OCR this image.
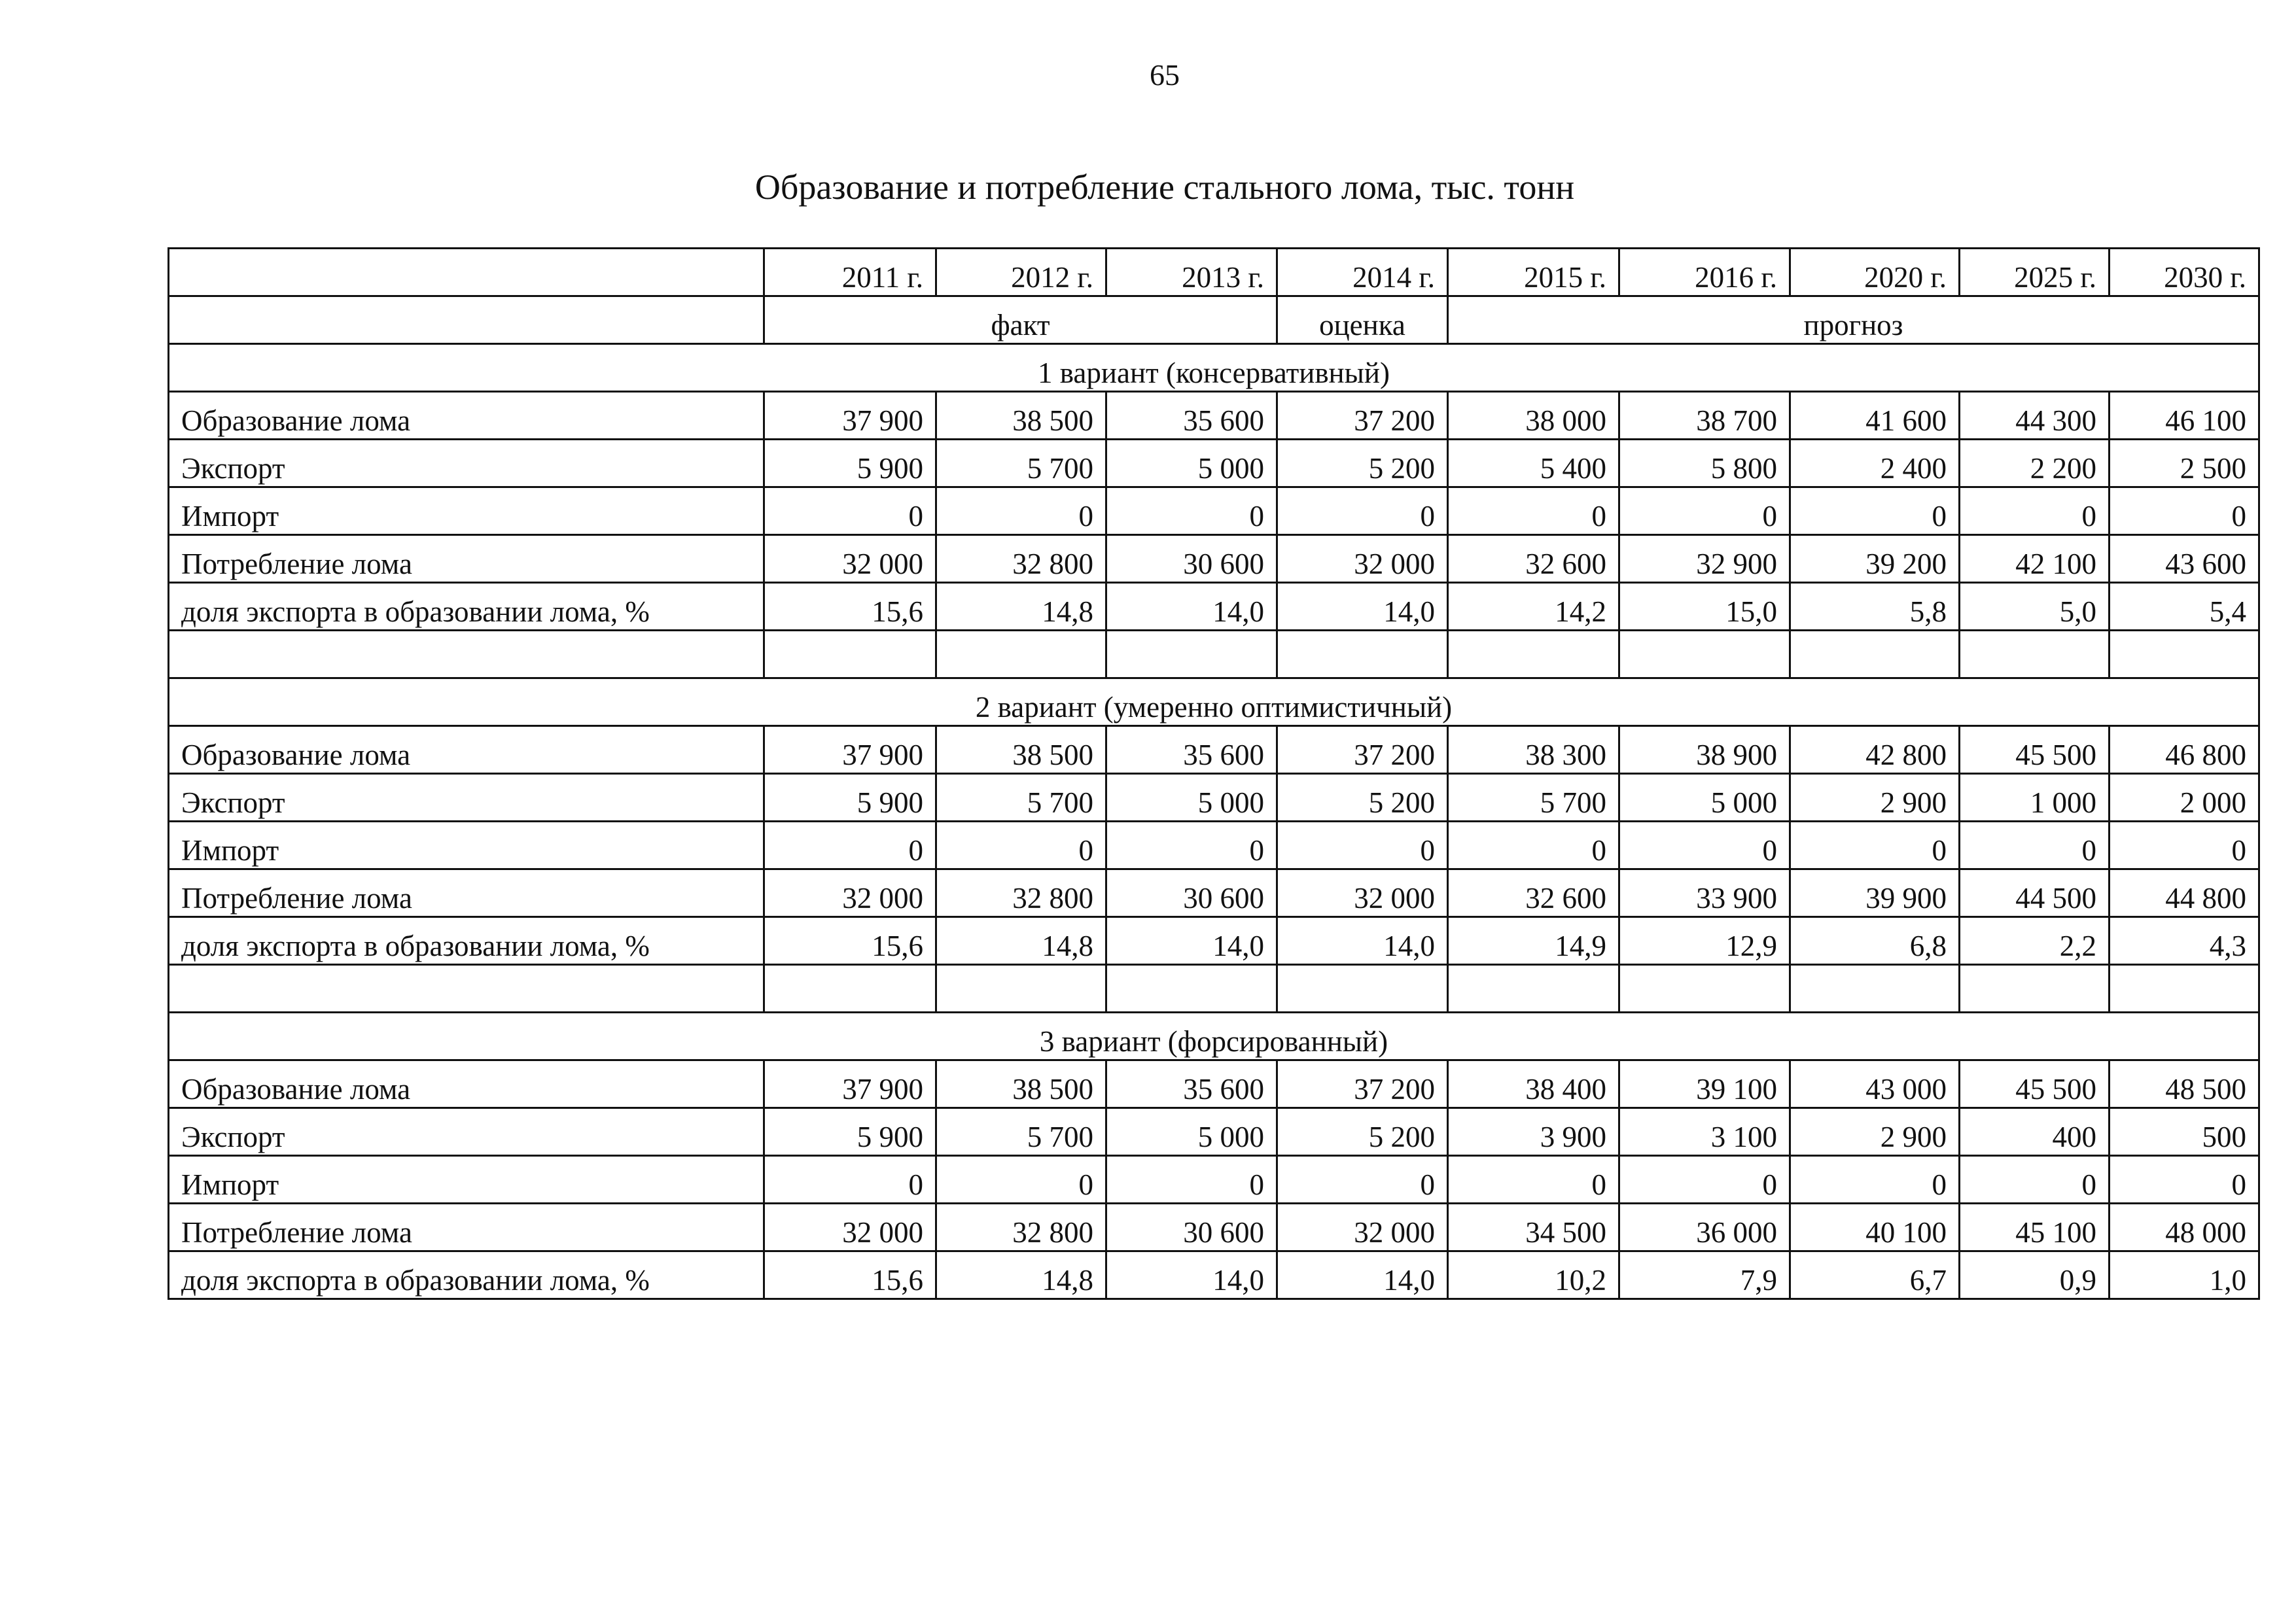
65
Образование и потребление стального лома, тыс. тонн
	2011 г.	2012 г.	2013 г.	2014 г.	2015 г.	2016 г.	2020 г.	2025 г.	2030 г.
	факт			оценка	прогноз				
1 вариант (консервативный)									
Образование лома	37 900	38 500	35 600	37 200	38 000	38 700	41 600	44 300	46 100
Экспорт	5 900	5 700	5 000	5 200	5 400	5 800	2 400	2 200	2 500
Импорт	0	0	0	0	0	0	0	0	0
Потребление лома	32 000	32 800	30 600	32 000	32 600	32 900	39 200	42 100	43 600
доля экспорта в образовании лома, %	15,6	14,8	14,0	14,0	14,2	15,0	5,8	5,0	5,4

2 вариант (умеренно оптимистичный)									
Образование лома	37 900	38 500	35 600	37 200	38 300	38 900	42 800	45 500	46 800
Экспорт	5 900	5 700	5 000	5 200	5 700	5 000	2 900	1 000	2 000
Импорт	0	0	0	0	0	0	0	0	0
Потребление лома	32 000	32 800	30 600	32 000	32 600	33 900	39 900	44 500	44 800
доля экспорта в образовании лома, %	15,6	14,8	14,0	14,0	14,9	12,9	6,8	2,2	4,3

3 вариант (форсированный)									
Образование лома	37 900	38 500	35 600	37 200	38 400	39 100	43 000	45 500	48 500
Экспорт	5 900	5 700	5 000	5 200	3 900	3 100	2 900	400	500
Импорт	0	0	0	0	0	0	0	0	0
Потребление лома	32 000	32 800	30 600	32 000	34 500	36 000	40 100	45 100	48 000
доля экспорта в образовании лома, %	15,6	14,8	14,0	14,0	10,2	7,9	6,7	0,9	1,0
